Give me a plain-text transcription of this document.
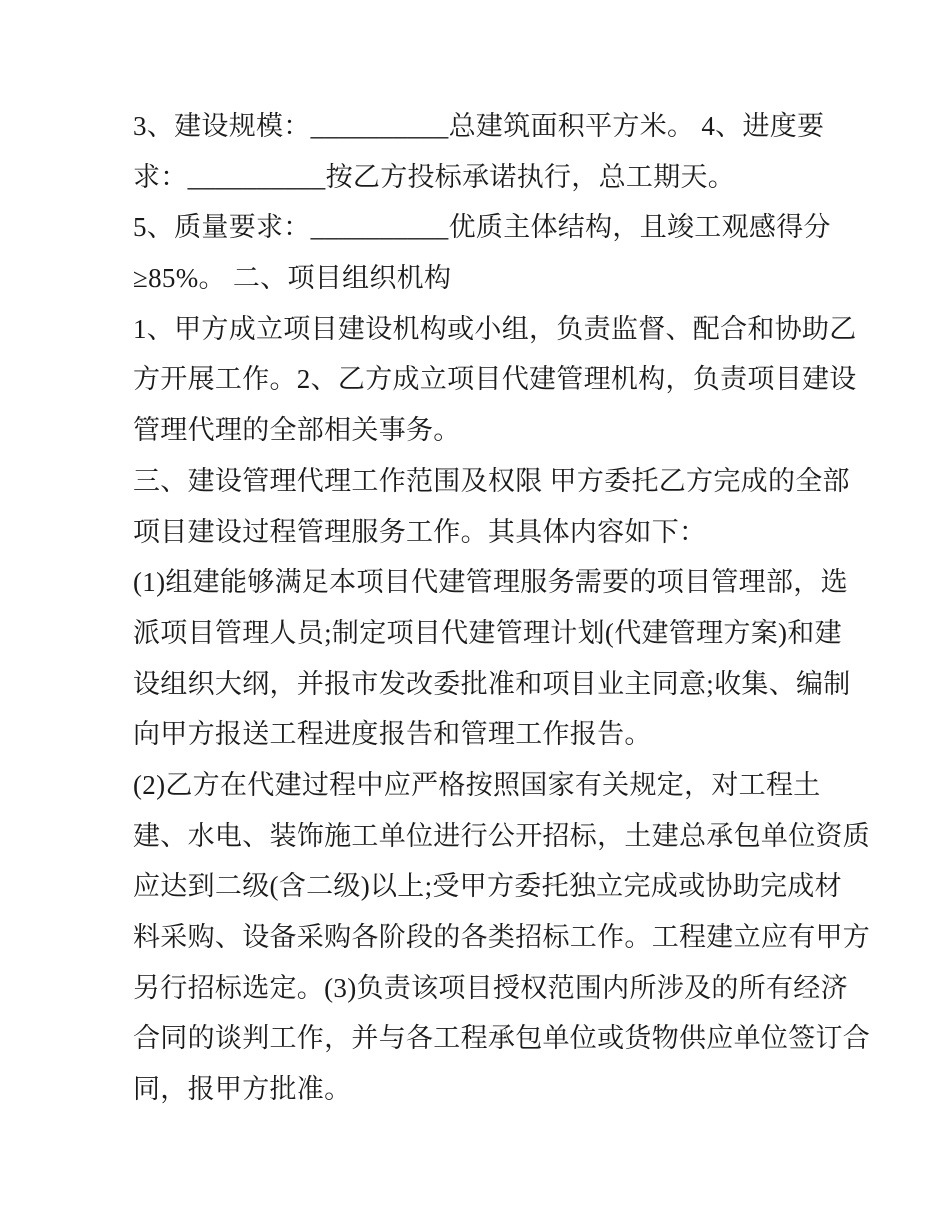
3、建设规模：__________总建筑面积平方米。 4、进度要
求：__________按乙方投标承诺执行，总工期天。
5、质量要求：__________优质主体结构，且竣工观感得分
≥85%。 二、项目组织机构
1、甲方成立项目建设机构或小组，负责监督、配合和协助乙
方开展工作。2、乙方成立项目代建管理机构，负责项目建设
管理代理的全部相关事务。
三、建设管理代理工作范围及权限 甲方委托乙方完成的全部
项目建设过程管理服务工作。其具体内容如下：
(1)组建能够满足本项目代建管理服务需要的项目管理部，选
派项目管理人员;制定项目代建管理计划(代建管理方案)和建
设组织大纲，并报市发改委批准和项目业主同意;收集、编制
向甲方报送工程进度报告和管理工作报告。
(2)乙方在代建过程中应严格按照国家有关规定，对工程土
建、水电、装饰施工单位进行公开招标，土建总承包单位资质
应达到二级(含二级)以上;受甲方委托独立完成或协助完成材
料采购、设备采购各阶段的各类招标工作。工程建立应有甲方
另行招标选定。(3)负责该项目授权范围内所涉及的所有经济
合同的谈判工作，并与各工程承包单位或货物供应单位签订合
同，报甲方批准。
